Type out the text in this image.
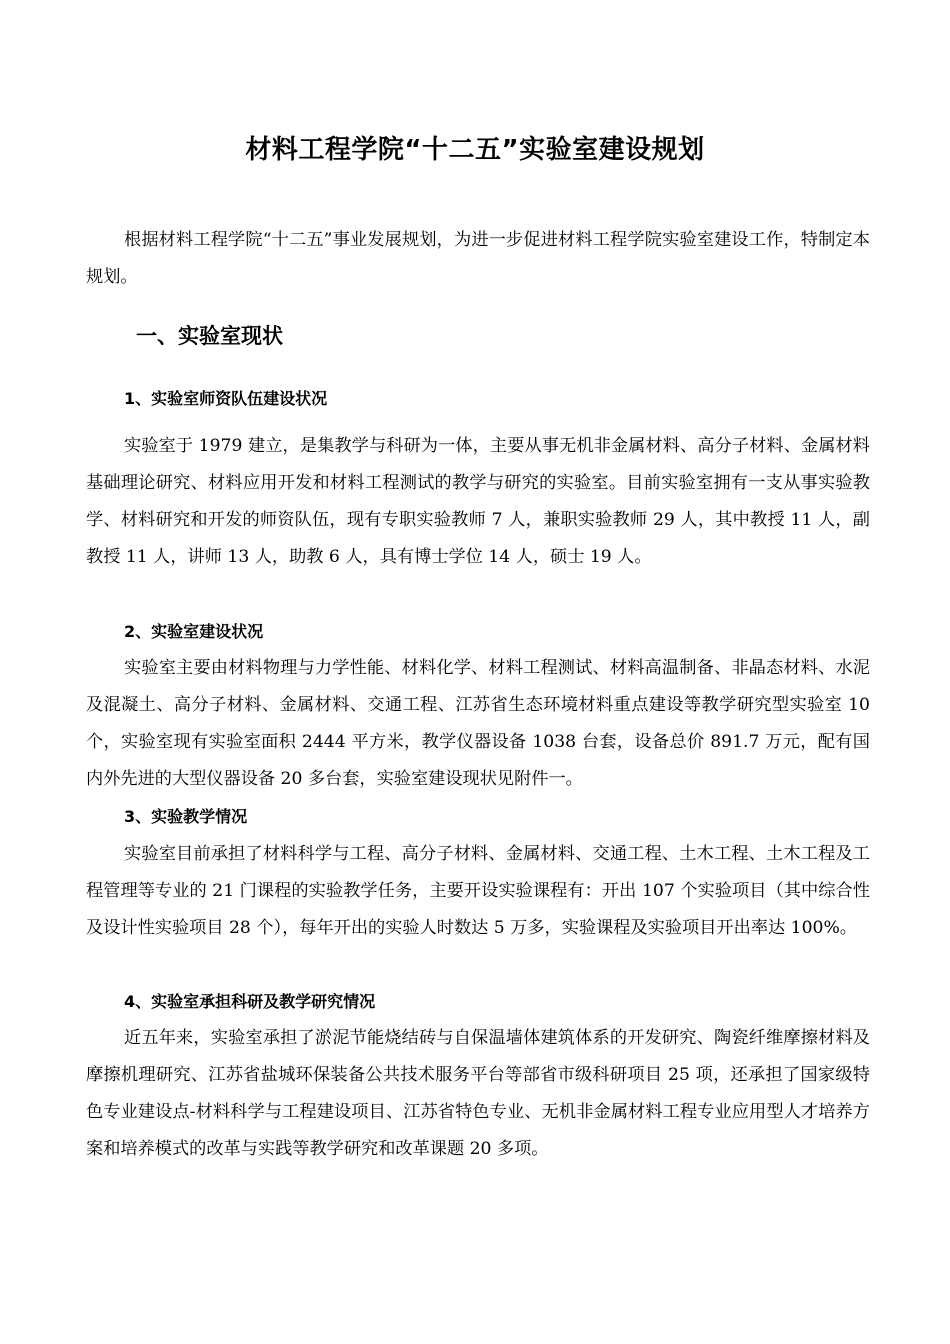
材料工程学院“十二五”实验室建设规划
根据材料工程学院“十二五”事业发展规划，为进一步促进材料工程学院实验室建设工作，特制定本规划。
一、实验室现状
1、实验室师资队伍建设状况
实验室于 1979 建立，是集教学与科研为一体，主要从事无机非金属材料、高分子材料、金属材料基础理论研究、材料应用开发和材料工程测试的教学与研究的实验室。目前实验室拥有一支从事实验教学、材料研究和开发的师资队伍，现有专职实验教师 7 人，兼职实验教师 29 人，其中教授 11 人，副教授 11 人，讲师 13 人，助教 6 人，具有博士学位 14 人，硕士 19 人。
2、实验室建设状况
实验室主要由材料物理与力学性能、材料化学、材料工程测试、材料高温制备、非晶态材料、水泥及混凝土、高分子材料、金属材料、交通工程、江苏省生态环境材料重点建设等教学研究型实验室 10 个，实验室现有实验室面积 2444 平方米，教学仪器设备 1038 台套，设备总价 891.7 万元，配有国内外先进的大型仪器设备 20 多台套，实验室建设现状见附件一。
3、实验教学情况
实验室目前承担了材料科学与工程、高分子材料、金属材料、交通工程、土木工程、土木工程及工程管理等专业的 21 门课程的实验教学任务，主要开设实验课程有：开出 107 个实验项目（其中综合性及设计性实验项目 28 个），每年开出的实验人时数达 5 万多，实验课程及实验项目开出率达 100%。
4、实验室承担科研及教学研究情况
近五年来，实验室承担了淤泥节能烧结砖与自保温墙体建筑体系的开发研究、陶瓷纤维摩擦材料及摩擦机理研究、江苏省盐城环保装备公共技术服务平台等部省市级科研项目 25 项，还承担了国家级特色专业建设点-材料科学与工程建设项目、江苏省特色专业、无机非金属材料工程专业应用型人才培养方案和培养模式的改革与实践等教学研究和改革课题 20 多项。
